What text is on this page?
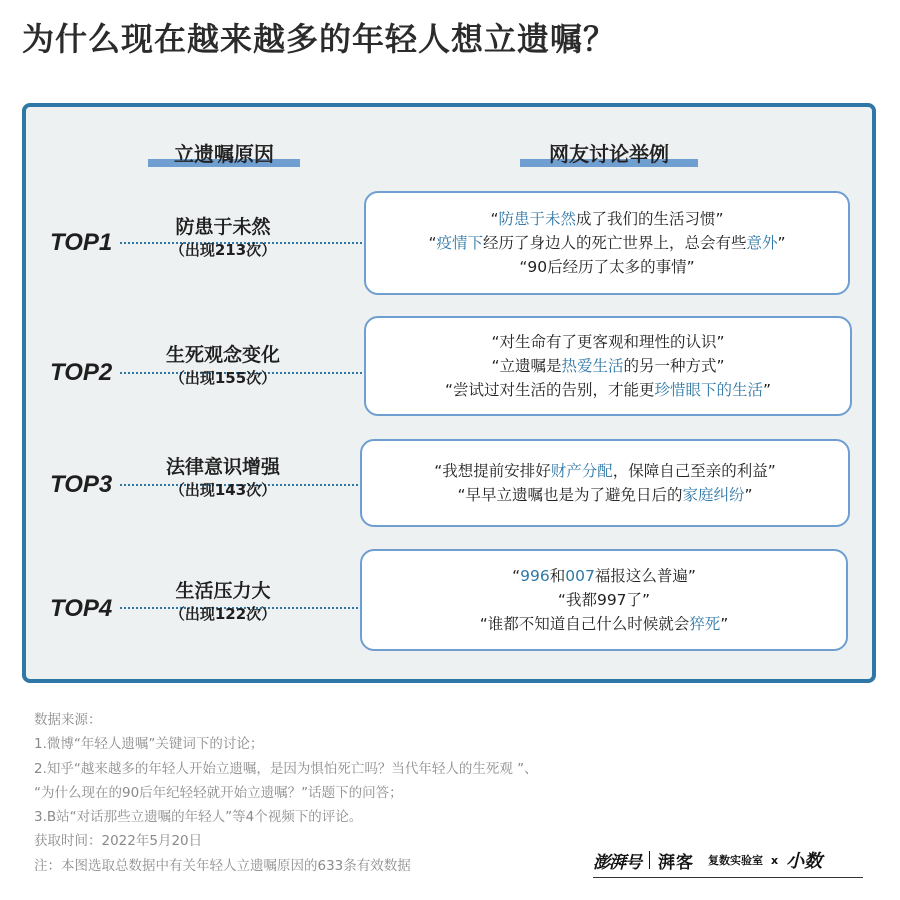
为什么现在越来越多的年轻人想立遗嘱？
立遗嘱原因	网友讨论举例
TOP1
防患于未然
（出现213次）
“防患于未然成了我们的生活习惯”
“疫情下经历了身边人的死亡世界上，总会有些意外”
“90后经历了太多的事情”
TOP2
生死观念变化
（出现155次）
“对生命有了更客观和理性的认识”
“立遗嘱是热爱生活的另一种方式”
“尝试过对生活的告别，才能更珍惜眼下的生活”
TOP3
法律意识增强
（出现143次）
“我想提前安排好财产分配，保障自己至亲的利益”
“早早立遗嘱也是为了避免日后的家庭纠纷”
TOP4
生活压力大
（出现122次）
“996和007福报这么普遍”
“我都997了”
“谁都不知道自己什么时候就会猝死”
数据来源：
1.微博“年轻人遗嘱”关键词下的讨论；
2.知乎“越来越多的年轻人开始立遗嘱，是因为惧怕死亡吗？当代年轻人的生死观 ”、
“为什么现在的90后年纪轻轻就开始立遗嘱？”话题下的问答；
3.B站“对话那些立遗嘱的年轻人”等4个视频下的评论。
获取时间：2022年5月20日
注：本图选取总数据中有关年轻人立遗嘱原因的633条有效数据	澎湃号 湃客 复数实验室 x 小数
